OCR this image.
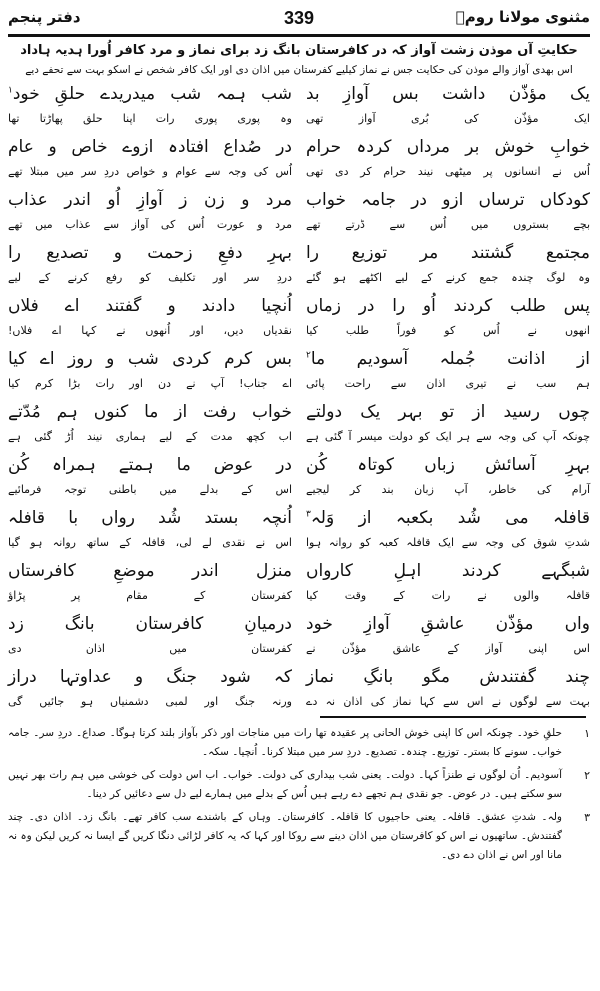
مثنوی مولانا رومؒ
339
دفتر پنجم
حکایتِ آں موذن زشت آواز کہ در کافرستان بانگ زد برای نماز و مرد کافر اُورا ہدیہ ہاداد
اس بھدی آواز والے موذن کی حکایت جس نے نماز کیلیے کفرستان میں اذان دی اور ایک کافر شخص نے اسکو بہت سے تحفے دیے
یک مؤذّن داشت بس آوازِ بد
شب ہمہ شب میدریدے حلقِ خود$^۱$
ایک مؤذّن کی بُری آواز تھی
وہ پوری پوری رات اپنا حلق پھاڑتا تھا
خوابِ خوش بر مرداں کردہ حرام
در صُداع افتادہ ازوے خاص و عام
اُس نے انسانوں پر میٹھی نیند حرام کر دی تھی
اُس کی وجہ سے عوام و خواص دردِ سر میں مبتلا تھے
کودکاں ترساں ازو در جامہ خواب
مرد و زن ز آوازِ اُو اندر عذاب
بچے بستروں میں اُس سے ڈرتے تھے
مرد و عورت اُس کی آواز سے عذاب میں تھے
مجتمع گشتند مر توزیع را
بہرِ دفعِ زحمت و تصدیع را
وہ لوگ چندہ جمع کرنے کے لیے اکٹھے ہو گئے
دردِ سر اور تکلیف کو رفع کرنے کے لیے
پس طلب کردند اُو را در زماں
اُنچیا دادند و گفتند اے فلاں
انھوں نے اُس کو فوراً طلب کیا
نقدیاں دیں، اور اُنھوں نے کہا اے فلاں!
از اذانت جُملہ آسودیم ما$^۲$
بس کرم کردی شب و روز اے کیا
ہم سب نے تیری اذان سے راحت پائی
اے جناب! آپ نے دن اور رات بڑا کرم کیا
چوں رسید از تو بہر یک دولتے
خواب رفت از ما کنوں ہم مُدّتے
چونکہ آپ کی وجہ سے ہر ایک کو دولت میسر آ گئی ہے
اب کچھ مدت کے لیے ہماری نیند اُڑ گئی ہے
بہرِ آسائش زباں کوتاہ کُن
در عوض ما ہمتے ہمراہ کُن
آرام کی خاطر، آپ زبان بند کر لیجیے
اس کے بدلے میں باطنی توجہ فرمائیے
قافلہ می شُد بکعبہ از وَلہ$^۳$
اُنچہ بستد شُد رواں با قافلہ
شدتِ شوق کی وجہ سے ایک قافلہ کعبہ کو روانہ ہوا
اس نے نقدی لے لی، قافلہ کے ساتھ روانہ ہو گیا
شبگہے کردند اہلِ کارواں
منزل اندر موضعِ کافرستاں
قافلہ والوں نے رات کے وقت کیا
کفرستان کے مقام پر پڑاؤ
واں مؤذّن عاشقِ آوازِ خود
درمیانِ کافرستان بانگ زد
اس اپنی آواز کے عاشق مؤذّن نے
کفرستان میں اذان دی
چند گفتندش مگو بانگِ نماز
کہ شود جنگ و عداوتہا دراز
بہت سے لوگوں نے اس سے کہا نماز کی اذان نہ دے
ورنہ جنگ اور لمبی دشمنیاں ہو جائیں گی
۱
حلقِ خود۔ چونکہ اس کا اپنی خوش الحانی پر عقیدہ تھا رات میں مناجات اور ذکر بآواز بلند کرتا ہوگا۔ صداع۔ دردِ سر۔ جامہ خواب۔ سونے کا بستر۔ توزیع۔ چندہ۔ تصدیع۔ دردِ سر میں مبتلا کرنا۔ اُنچیا۔ سکہ۔
۲
آسودیم۔ اُن لوگوں نے طنزاً کہا۔ دولت۔ یعنی شب بیداری کی دولت۔ خواب۔ اب اس دولت کی خوشی میں ہم رات بھر نہیں سو سکتے ہیں۔ در عوض۔ جو نقدی ہم تجھے دے رہے ہیں اُس کے بدلے میں ہمارے لیے دل سے دعائیں کر دینا۔
۳
ولہ۔ شدتِ عشق۔ قافلہ۔ یعنی حاجیوں کا قافلہ۔ کافرستان۔ وہاں کے باشندے سب کافر تھے۔ بانگ زد۔ اذان دی۔ چند گفتندش۔ ساتھیوں نے اس کو کافرستان میں اذان دینے سے روکا اور کہا کہ یہ کافر لڑائی دنگا کریں گے ایسا نہ کریں لیکن وہ نہ مانا اور اس نے اذان دے دی۔
